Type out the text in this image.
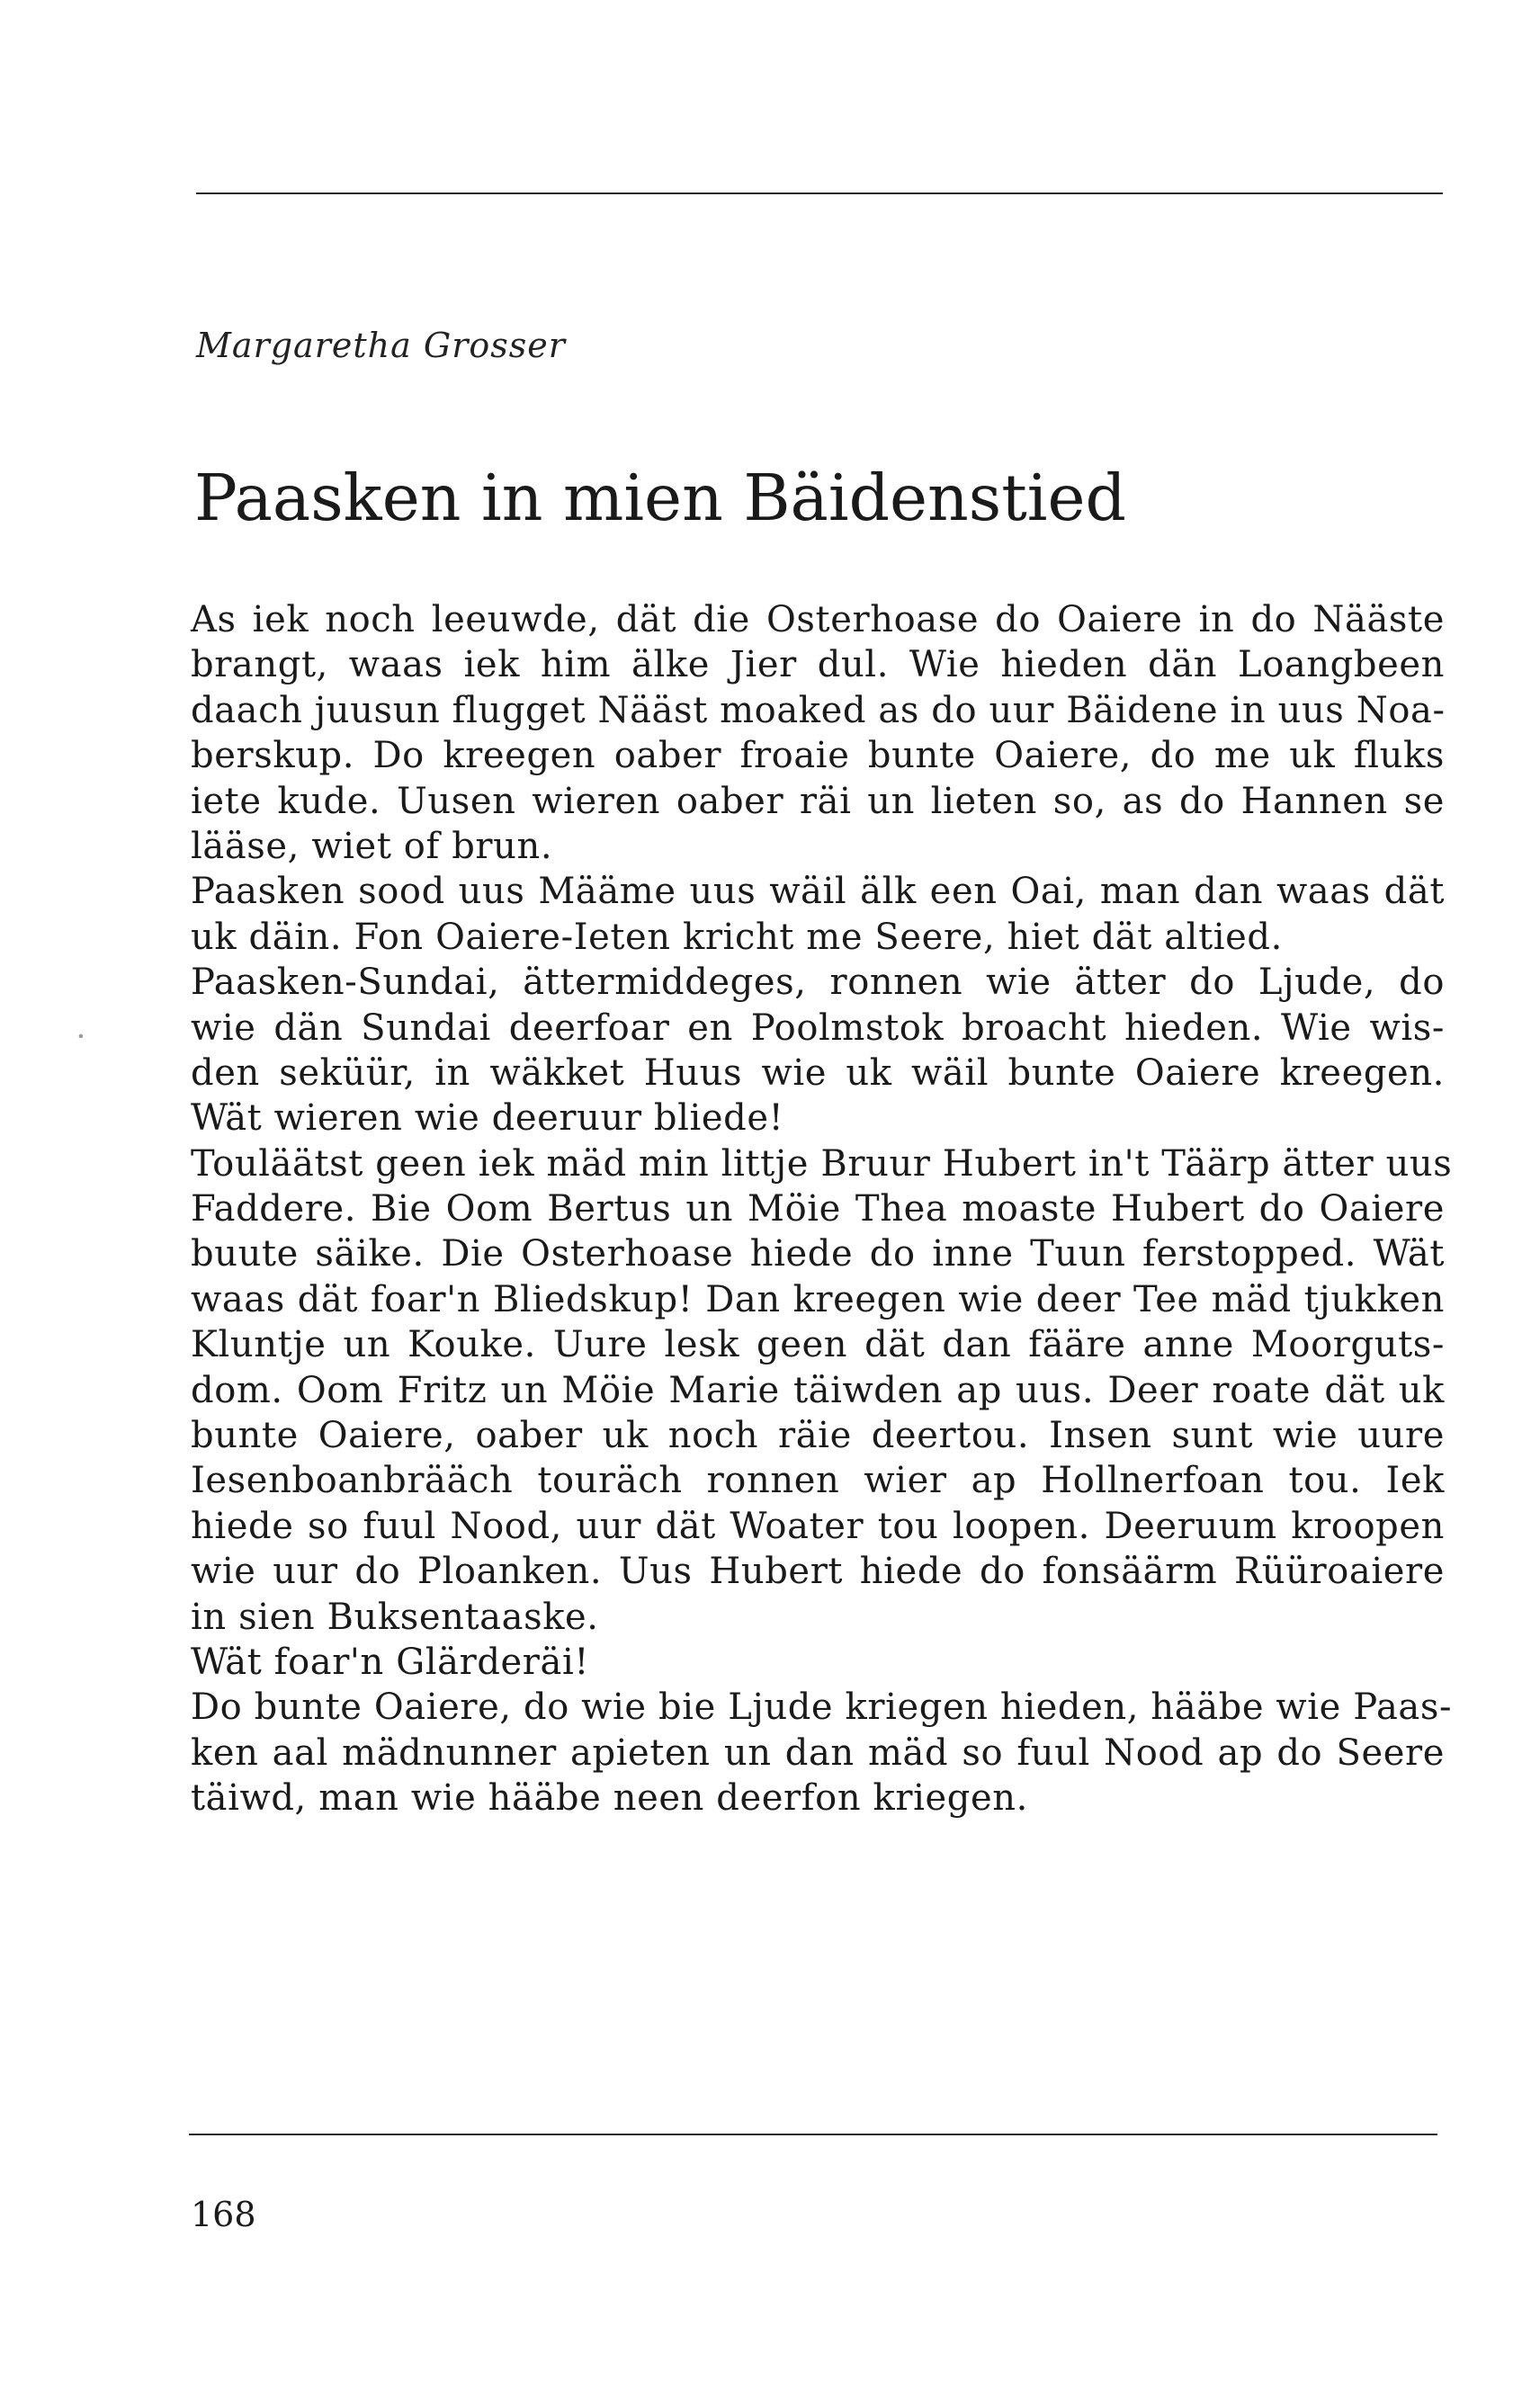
Margaretha Grosser
Paasken in mien Bäidenstied
As iek noch leeuwde, dät die Osterhoase do Oaiere in do Nääste
brangt, waas iek him älke Jier dul. Wie hieden dän Loangbeen
daach juusun flugget Nääst moaked as do uur Bäidene in uus Noa-
berskup. Do kreegen oaber froaie bunte Oaiere, do me uk fluks
iete kude. Uusen wieren oaber räi un lieten so, as do Hannen se
lääse, wiet of brun.
Paasken sood uus Määme uus wäil älk een Oai, man dan waas dät
uk däin. Fon Oaiere-Ieten kricht me Seere, hiet dät altied.
Paasken-Sundai, ättermiddeges, ronnen wie ätter do Ljude, do
wie dän Sundai deerfoar en Poolmstok broacht hieden. Wie wis-
den seküür, in wäkket Huus wie uk wäil bunte Oaiere kreegen.
Wät wieren wie deeruur bliede!
Touläätst geen iek mäd min littje Bruur Hubert in't Täärp ätter uus
Faddere. Bie Oom Bertus un Möie Thea moaste Hubert do Oaiere
buute säike. Die Osterhoase hiede do inne Tuun ferstopped. Wät
waas dät foar'n Bliedskup! Dan kreegen wie deer Tee mäd tjukken
Kluntje un Kouke. Uure lesk geen dät dan fääre anne Moorguts-
dom. Oom Fritz un Möie Marie täiwden ap uus. Deer roate dät uk
bunte Oaiere, oaber uk noch räie deertou. Insen sunt wie uure
Iesenboanbrääch touräch ronnen wier ap Hollnerfoan tou. Iek
hiede so fuul Nood, uur dät Woater tou loopen. Deeruum kroopen
wie uur do Ploanken. Uus Hubert hiede do fonsäärm Rüüroaiere
in sien Buksentaaske.
Wät foar'n Glärderäi!
Do bunte Oaiere, do wie bie Ljude kriegen hieden, hääbe wie Paas-
ken aal mädnunner apieten un dan mäd so fuul Nood ap do Seere
täiwd, man wie hääbe neen deerfon kriegen.
∙
168
